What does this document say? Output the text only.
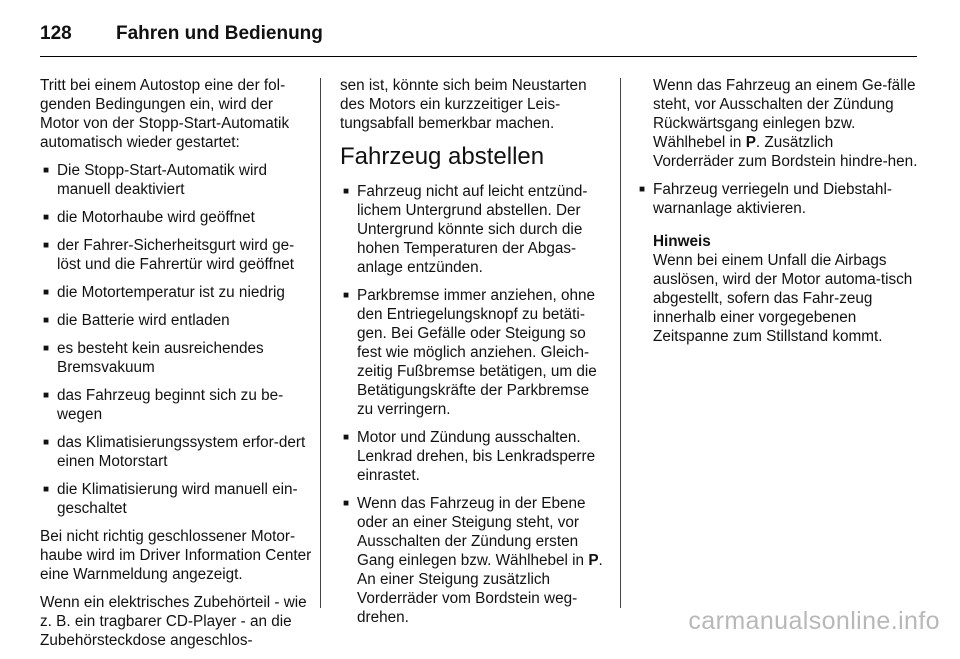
128	Fahren und Bedienung

Tritt bei einem Autostop eine der fol-genden Bedingungen ein, wird der Motor von der Stopp-Start-Automatik automatisch wieder gestartet:

■ Die Stopp-Start-Automatik wird manuell deaktiviert
■ die Motorhaube wird geöffnet
■ der Fahrer-Sicherheitsgurt wird ge-löst und die Fahrertür wird geöffnet
■ die Motortemperatur ist zu niedrig
■ die Batterie wird entladen
■ es besteht kein ausreichendes Bremsvakuum
■ das Fahrzeug beginnt sich zu be-wegen
■ das Klimatisierungssystem erfor-dert einen Motorstart
■ die Klimatisierung wird manuell ein-geschaltet

Bei nicht richtig geschlossener Motor-haube wird im Driver Information Center eine Warnmeldung angezeigt.

Wenn ein elektrisches Zubehörteil - wie z. B. ein tragbarer CD-Player - an die Zubehörsteckdose angeschlos-

sen ist, könnte sich beim Neustarten des Motors ein kurzzeitiger Leis-tungsabfall bemerkbar machen.

Fahrzeug abstellen
■ Fahrzeug nicht auf leicht entzünd-lichem Untergrund abstellen. Der Untergrund könnte sich durch die hohen Temperaturen der Abgas-anlage entzünden.
■ Parkbremse immer anziehen, ohne den Entriegelungsknopf zu betäti-gen. Bei Gefälle oder Steigung so fest wie möglich anziehen. Gleich-zeitig Fußbremse betätigen, um die Betätigungskräfte der Parkbremse zu verringern.
■ Motor und Zündung ausschalten. Lenkrad drehen, bis Lenkradsperre einrastet.
■ Wenn das Fahrzeug in der Ebene oder an einer Steigung steht, vor Ausschalten der Zündung ersten Gang einlegen bzw. Wählhebel in P. An einer Steigung zusätzlich Vorderräder vom Bordstein weg-drehen.

Wenn das Fahrzeug an einem Ge-fälle steht, vor Ausschalten der Zündung Rückwärtsgang einlegen bzw. Wählhebel in P. Zusätzlich Vorderräder zum Bordstein hindre-hen.

■ Fahrzeug verriegeln und Diebstahl-warnanlage aktivieren.
Hinweis
Wenn bei einem Unfall die Airbags auslösen, wird der Motor automa-tisch abgestellt, sofern das Fahr-zeug innerhalb einer vorgegebenen Zeitspanne zum Stillstand kommt.
carmanualsonline.info
